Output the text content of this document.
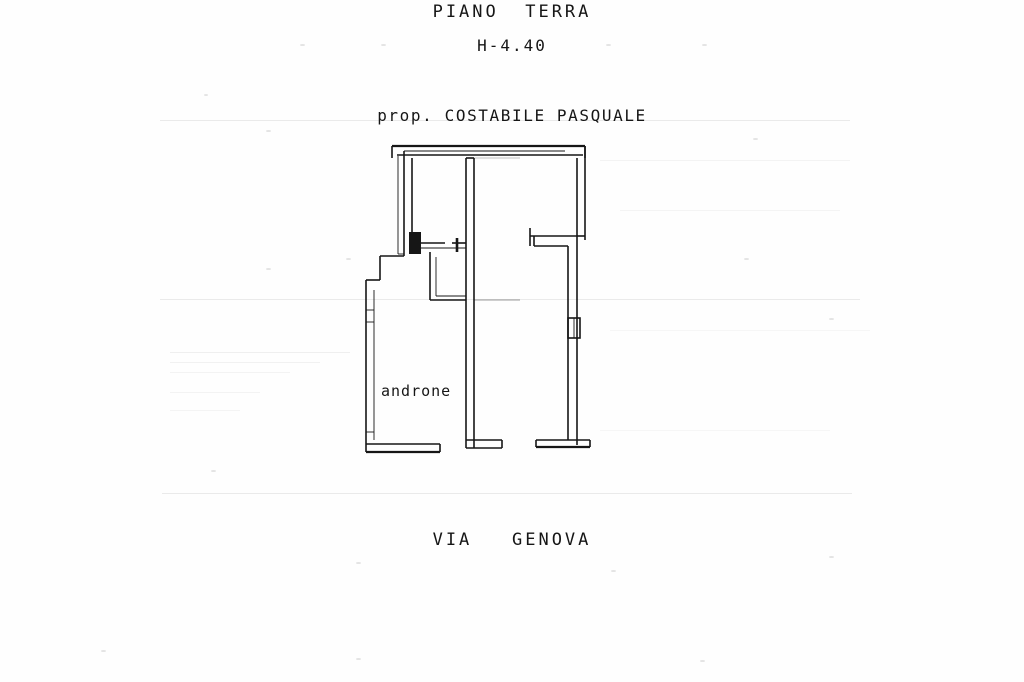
PIANO  TERRA
H-4.40
prop. COSTABILE PASQUALE
androne
VIA   GENOVA
